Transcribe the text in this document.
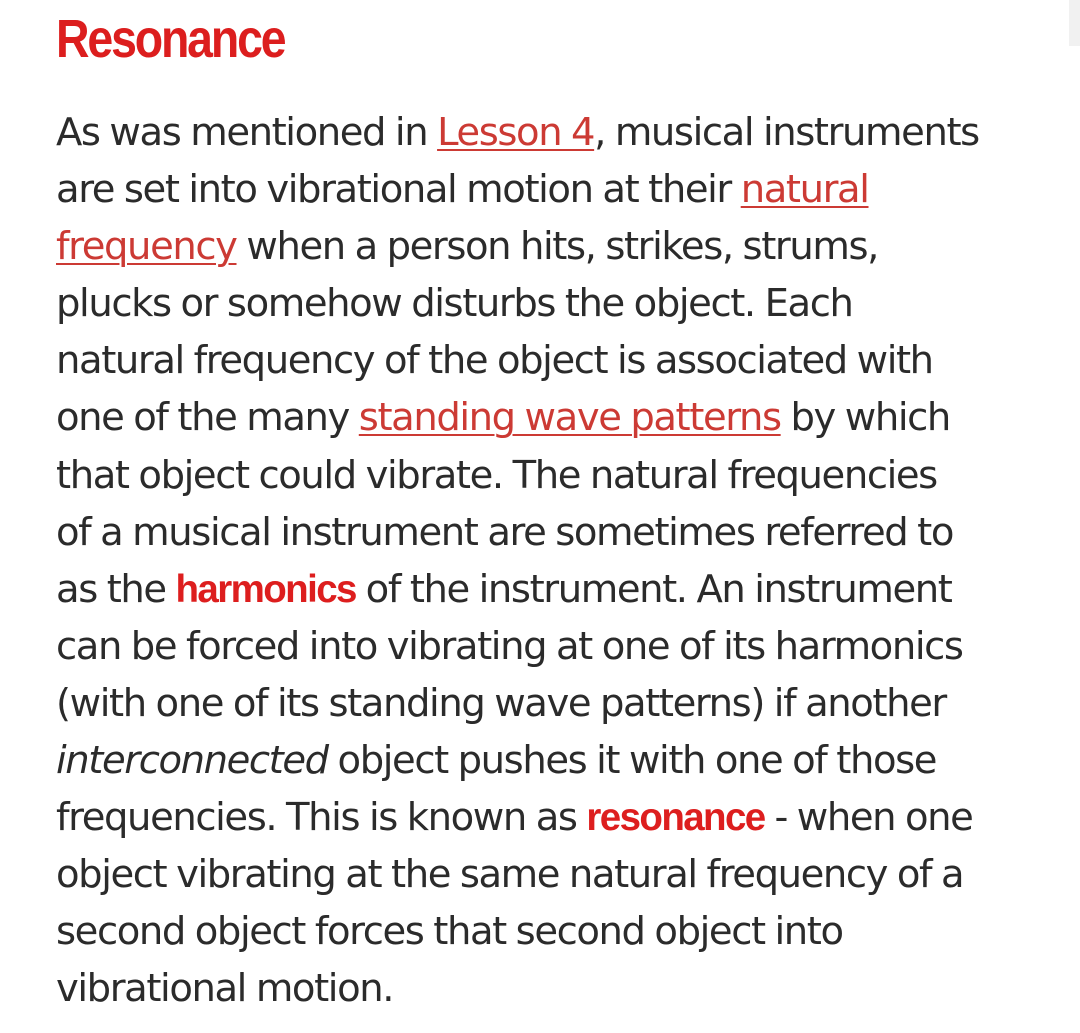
Resonance

As was mentioned in Lesson 4, musical instruments
are set into vibrational motion at their natural
frequency when a person hits, strikes, strums,
plucks or somehow disturbs the object. Each
natural frequency of the object is associated with
one of the many standing wave patterns by which
that object could vibrate. The natural frequencies
of a musical instrument are sometimes referred to
as the harmonics of the instrument. An instrument
can be forced into vibrating at one of its harmonics
(with one of its standing wave patterns) if another
interconnected object pushes it with one of those
frequencies. This is known as resonance - when one
object vibrating at the same natural frequency of a
second object forces that second object into
vibrational motion.
